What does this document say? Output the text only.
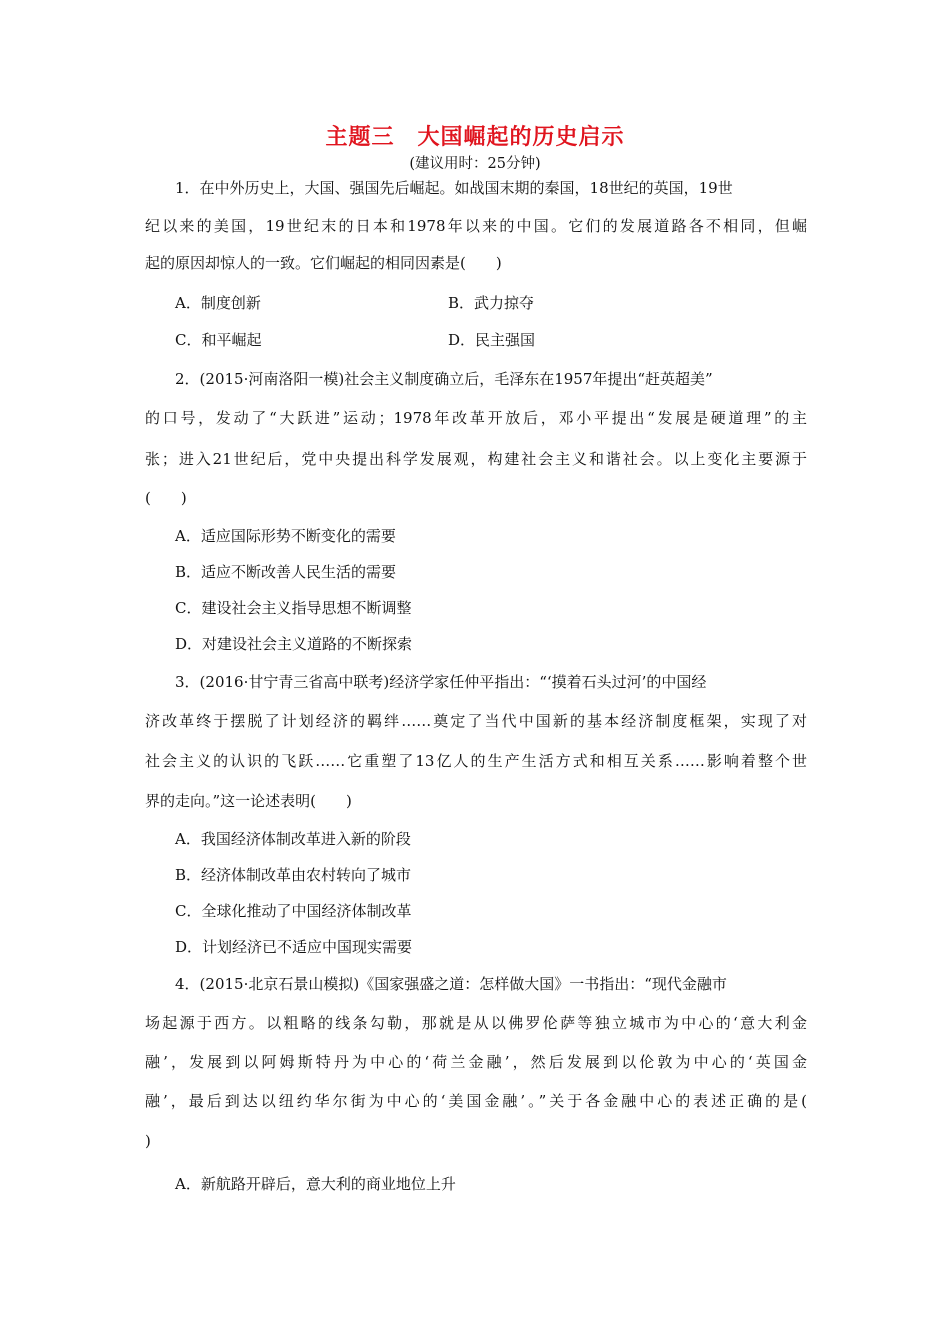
主题三　大国崛起的历史启示
(建议用时：25分钟)
1．在中外历史上，大国、强国先后崛起。如战国末期的秦国，18世纪的英国，19世
纪以来的美国，19世纪末的日本和1978年以来的中国。它们的发展道路各不相同，但崛
起的原因却惊人的一致。它们崛起的相同因素是(　　)
A．制度创新	B．武力掠夺
C．和平崛起	D．民主强国
2．(2015·河南洛阳一模)社会主义制度确立后，毛泽东在1957年提出“赶英超美”
的口号，发动了“大跃进”运动；1978年改革开放后，邓小平提出“发展是硬道理”的主
张；进入21世纪后，党中央提出科学发展观，构建社会主义和谐社会。以上变化主要源于
(　　)
A．适应国际形势不断变化的需要
B．适应不断改善人民生活的需要
C．建设社会主义指导思想不断调整
D．对建设社会主义道路的不断探索
3．(2016·甘宁青三省高中联考)经济学家任仲平指出：“‘摸着石头过河’的中国经
济改革终于摆脱了计划经济的羁绊……奠定了当代中国新的基本经济制度框架，实现了对
社会主义的认识的飞跃……它重塑了13亿人的生产生活方式和相互关系……影响着整个世
界的走向。”这一论述表明(　　)
A．我国经济体制改革进入新的阶段
B．经济体制改革由农村转向了城市
C．全球化推动了中国经济体制改革
D．计划经济已不适应中国现实需要
4．(2015·北京石景山模拟)《国家强盛之道：怎样做大国》一书指出：“现代金融市
场起源于西方。以粗略的线条勾勒，那就是从以佛罗伦萨等独立城市为中心的‘意大利金
融’，发展到以阿姆斯特丹为中心的‘荷兰金融’，然后发展到以伦敦为中心的‘英国金
融’，最后到达以纽约华尔街为中心的‘美国金融’。”关于各金融中心的表述正确的是(
)
A．新航路开辟后，意大利的商业地位上升
